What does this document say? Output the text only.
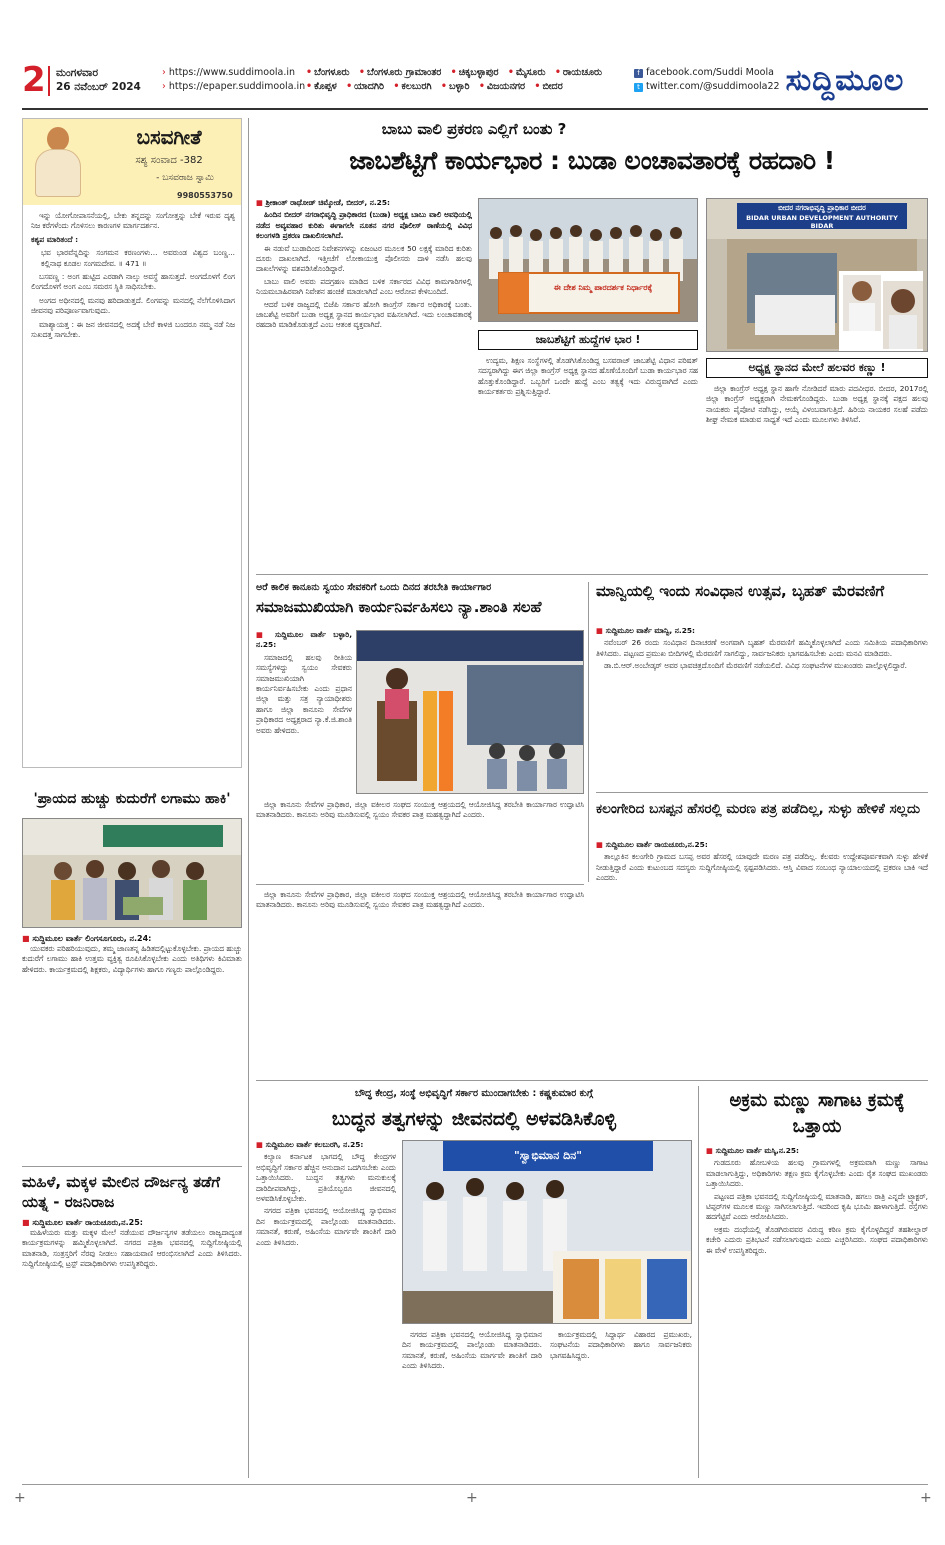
2 ಮಂಗಳವಾರ
26 ನವೆಂಬರ್ 2024
› https://www.suddimoola.in
› https://epaper.suddimoola.in
• ಬೆಂಗಳೂರು • ಬೆಂಗಳೂರು ಗ್ರಾಮಾಂತರ • ಚಿಕ್ಕಬಳ್ಳಾಪುರ • ಮೈಸೂರು • ರಾಯಚೂರು • ಕೊಪ್ಪಳ • ಯಾದಗಿರಿ • ಕಲಬುರಗಿ • ಬಳ್ಳಾರಿ • ವಿಜಯನಗರ • ಬೀದರ
f facebook.com/Suddi Moola
t twitter.com/@suddimoola22 ಸುದ್ದಿಮೂಲ
ಬಸವಗೀತೆ
ಸಶ್ಯ ಸಂವಾದ -382
- ಬಸವರಾಜ ಸ್ವಾಮಿ
9980553750

ಇನ್ನು ಯೋಗೋಪಾಸನೆಯಲ್ಲಿ, ಬೇಕು ತನ್ನದನ್ನು ಸಂಗೋತ್ತನ್ನು ಬೇಕೆ ಇರುವ ದೃಶ್ಯ ನಿಜ ಕರೆಗಳೆಂದು ಗೊಳಿಸಲು ಕಾರಣಗಳ ಮಾರ್ಗದರ್ಶನ.

ಕಶ್ಯಪ ಮಾರಿತಂದೆ :

ಭವ ಭಾರವೆನ್ನದಿನ್ನು ಸಂಗಮನ ಕರಣಂಗಳು... ಅವರುಂಡ ವಿಶ್ವದ ಬಂಣ್ಣ... ಕಲ್ಲಿನಾಥ ಕೂಡಲ ಸಂಗಮದೇವ. ॥ 471 ॥

ಬಸವಣ್ಣ : ಅಂಗ ಹುಟ್ಟಿದ ಎರಡಾಗಿ ನಾಲ್ಕು ಅವಸ್ಥೆ ಹಾಸುತ್ತದೆ. ಅಂಗದೊಳಗೆ ಲಿಂಗ ಲಿಂಗದೊಳಗೆ ಅಂಗ ಎಂಬ ಸಮರಸ ಸ್ಥಿತಿ ಸಾಧಿಸಬೇಕು.

ಅಂಗದ ಅಧೀನದಲ್ಲಿ ಮನವು ಹರಿದಾಡುತ್ತದೆ. ಲಿಂಗವನ್ನು ಮನದಲ್ಲಿ ನೆಲೆಗೊಳಿಸಿದಾಗ ಜೀವನವು ಪರಿಪೂರ್ಣವಾಗುವುದು.

ಮಾಶ್ಯಾಯತ್ತ : ಈ ಜನ ಜೀವನದಲ್ಲಿ ಅದಕ್ಕೆ ಬೇರೆ ಕಾಳಜಿ ಬಂದರೂ ನಮ್ಮ ನಡೆ ನಿಜ ಸುಖದತ್ತ ಸಾಗಬೇಕು.

'ಪ್ರಾಯದ ಹುಚ್ಚು ಕುದುರೆಗೆ ಲಗಾಮು ಹಾಕಿ'
■ ಸುದ್ದಿಮೂಲ ವಾರ್ತೆ ಲಿಂಗಸೂಗೂರು, ನ.24:

ಯುವಕರು ಪರಿಹರಿಯುವುದು, ತಮ್ಮ ಜಾಣತನ್ನ ಹಿಡಿತದಲ್ಲಿಟ್ಟುಕೊಳ್ಳಬೇಕು. ಪ್ರಾಯದ ಹುಚ್ಚು ಕುದುರೆಗೆ ಲಗಾಮು ಹಾಕಿ ಉತ್ತಮ ವ್ಯಕ್ತಿತ್ವ ರೂಪಿಸಿಕೊಳ್ಳಬೇಕು ಎಂದು ಅತಿಥಿಗಳು ಕಿವಿಮಾತು ಹೇಳಿದರು. ಕಾರ್ಯಕ್ರಮದಲ್ಲಿ ಶಿಕ್ಷಕರು, ವಿದ್ಯಾರ್ಥಿಗಳು ಹಾಗೂ ಗಣ್ಯರು ಪಾಲ್ಗೊಂಡಿದ್ದರು.

ಮಹಿಳೆ, ಮಕ್ಕಳ ಮೇಲಿನ ದೌರ್ಜನ್ಯ ತಡೆಗೆ ಯತ್ನ - ರಜನಿರಾಜ
■ ಸುದ್ದಿಮೂಲ ವಾರ್ತೆ ರಾಯಚೂರು,ನ.25:

ಮಹಿಳೆಯರು ಮತ್ತು ಮಕ್ಕಳ ಮೇಲೆ ನಡೆಯುವ ದೌರ್ಜನ್ಯಗಳ ತಡೆಯಲು ರಾಜ್ಯದಾದ್ಯಂತ ಕಾರ್ಯಕ್ರಮಗಳನ್ನು ಹಮ್ಮಿಕೊಳ್ಳಲಾಗಿದೆ. ನಗರದ ಪತ್ರಿಕಾ ಭವನದಲ್ಲಿ ಸುದ್ದಿಗೋಷ್ಠಿಯಲ್ಲಿ ಮಾತನಾಡಿ, ಸಂತ್ರಸ್ತರಿಗೆ ನೆರವು ನೀಡಲು ಸಹಾಯವಾಣಿ ಆರಂಭಿಸಲಾಗಿದೆ ಎಂದು ತಿಳಿಸಿದರು. ಸುದ್ದಿಗೋಷ್ಠಿಯಲ್ಲಿ ಟ್ರಸ್ಟ್ ಪದಾಧಿಕಾರಿಗಳು ಉಪಸ್ಥಿತರಿದ್ದರು.

ಬಾಬು ವಾಲಿ ಪ್ರಕರಣ ಎಲ್ಲಿಗೆ ಬಂತು ?
ಜಾಬಶೆಟ್ಟಿಗೆ ಕಾರ್ಯಭಾರ : ಬುಡಾ ಲಂಚಾವತಾರಕ್ಕೆ ರಹದಾರಿ !

■ ಶ್ರೀಕಾಂತ್ ರಾಥೋಡ್ ಚಿಮ್ಕೋಡೆ, ಬೀದರ್, ನ.25:

ಹಿಂದಿನ ಬೀದರ್ ನಗರಾಭಿವೃದ್ಧಿ ಪ್ರಾಧಿಕಾರದ (ಬುಡಾ) ಅಧ್ಯಕ್ಷ ಬಾಬು ವಾಲಿ ಅವಧಿಯಲ್ಲಿ ನಡೆದ ಅವ್ಯವಹಾರ ಕುರಿತು ಈಗಾಗಲೇ ನೂತನ ನಗರ ಪೊಲೀಸ್ ಠಾಣೆಯಲ್ಲಿ ವಿವಿಧ ಕಲಂಗಳಡಿ ಪ್ರಕರಣ ದಾಖಲಿಸಲಾಗಿದೆ.

ಈ ನಡುವೆ ಬುಡಾದಿಂದ ನಿವೇಶನಗಳನ್ನು ಏಜಂಟರ ಮೂಲಕ 50 ಲಕ್ಷಕ್ಕೆ ಮಾರಿದ ಕುರಿತು ದೂರು ದಾಖಲಾಗಿದೆ. ಇತ್ತೀಚೆಗೆ ಲೋಕಾಯುಕ್ತ ಪೊಲೀಸರು ದಾಳಿ ನಡೆಸಿ ಹಲವು ದಾಖಲೆಗಳನ್ನು ವಶಪಡಿಸಿಕೊಂಡಿದ್ದಾರೆ.

ಬಾಬು ವಾಲಿ ಅವರು ಪದಗ್ರಹಣ ಮಾಡಿದ ಬಳಿಕ ಸರ್ಕಾರದ ವಿವಿಧ ಕಾಮಗಾರಿಗಳಲ್ಲಿ ನಿಯಮಬಾಹಿರವಾಗಿ ನಿವೇಶನ ಹಂಚಿಕೆ ಮಾಡಲಾಗಿದೆ ಎಂಬ ಆರೋಪ ಕೇಳಿಬಂದಿದೆ.

ಆದರೆ ಬಳಿಕ ರಾಜ್ಯದಲ್ಲಿ ಬಿಜೆಪಿ ಸರ್ಕಾರ ಹೋಗಿ ಕಾಂಗ್ರೆಸ್ ಸರ್ಕಾರ ಅಧಿಕಾರಕ್ಕೆ ಬಂತು. ಜಾಬಶೆಟ್ಟಿ ಅವರಿಗೆ ಬುಡಾ ಅಧ್ಯಕ್ಷ ಸ್ಥಾನದ ಕಾರ್ಯಭಾರ ವಹಿಸಲಾಗಿದೆ. ಇದು ಲಂಚಾವತಾರಕ್ಕೆ ರಹದಾರಿ ಮಾಡಿಕೊಡುತ್ತದೆ ಎಂಬ ಆತಂಕ ವ್ಯಕ್ತವಾಗಿದೆ.

ಈ ದೇಶ ನಿಮ್ಮ ಪಾರದರ್ಶಕ ನಿರ್ಧಾರಕ್ಕೆ
ಬೀದರ ನಗರಾಭಿವೃದ್ಧಿ ಪ್ರಾಧಿಕಾರ ಬೀದರ
BIDAR URBAN DEVELOPMENT AUTHORITY BIDAR
ಜಾಬಶೆಟ್ಟಿಗೆ ಹುದ್ದೆಗಳ ಭಾರ !

ಉದ್ಯಮ, ಶಿಕ್ಷಣ ಸಂಸ್ಥೆಗಳಲ್ಲಿ ತೊಡಗಿಸಿಕೊಂಡಿದ್ದ ಬಸವರಾಜ್ ಜಾಬಶೆಟ್ಟಿ ವಿಧಾನ ಪರಿಷತ್ ಸದಸ್ಯರಾಗಿದ್ದು ಈಗ ಜಿಲ್ಲಾ ಕಾಂಗ್ರೆಸ್ ಅಧ್ಯಕ್ಷ ಸ್ಥಾನದ ಹೊಣೆಯೊಂದಿಗೆ ಬುಡಾ ಕಾರ್ಯಭಾರ ಸಹ ಹೊತ್ತುಕೊಂಡಿದ್ದಾರೆ. ಒಬ್ಬರಿಗೆ ಒಂದೇ ಹುದ್ದೆ ಎಂಬ ತತ್ವಕ್ಕೆ ಇದು ವಿರುದ್ಧವಾಗಿದೆ ಎಂದು ಕಾರ್ಯಕರ್ತರು ಪ್ರಶ್ನಿಸುತ್ತಿದ್ದಾರೆ.

ಅಧ್ಯಕ್ಷ ಸ್ಥಾನದ ಮೇಲೆ ಹಲವರ ಕಣ್ಣು !

ಜಿಲ್ಲಾ ಕಾಂಗ್ರೆಸ್ ಅಧ್ಯಕ್ಷ ಸ್ಥಾನ ಹಾಗೇ ನೋಡಿದರೆ ಮಾರು ಪದವೀಧರ. ಬೀದರ, 2017ರಲ್ಲಿ ಜಿಲ್ಲಾ ಕಾಂಗ್ರೆಸ್ ಅಧ್ಯಕ್ಷರಾಗಿ ನೇಮಕಗೊಂಡಿದ್ದರು. ಬುಡಾ ಅಧ್ಯಕ್ಷ ಸ್ಥಾನಕ್ಕೆ ಪಕ್ಷದ ಹಲವು ನಾಯಕರು ಪೈಪೋಟಿ ನಡೆಸಿದ್ದು, ಆಯ್ಕೆ ವಿಳಂಬವಾಗುತ್ತಿದೆ. ಹಿರಿಯ ನಾಯಕರ ಸಲಹೆ ಪಡೆದು ಶೀಘ್ರ ನೇಮಕ ಮಾಡುವ ಸಾಧ್ಯತೆ ಇದೆ ಎಂದು ಮೂಲಗಳು ತಿಳಿಸಿವೆ.

ಅರೆ ಕಾಲಿಕ ಕಾನೂನು ಸ್ವಯಂ ಸೇವಕರಿಗೆ ಒಂದು ದಿನದ ತರಬೇತಿ ಕಾರ್ಯಾಗಾರ
ಸಮಾಜಮುಖಿಯಾಗಿ ಕಾರ್ಯನಿರ್ವಹಿಸಲು ನ್ಯಾ.ಶಾಂತಿ ಸಲಹೆ

■ ಸುದ್ದಿಮೂಲ ವಾರ್ತೆ ಬಳ್ಳಾರಿ, ನ.25:

ಸಮಾಜದಲ್ಲಿ ಹಲವು ರೀತಿಯ ಸಮಸ್ಯೆಗಳಿದ್ದು ಸ್ವಯಂ ಸೇವಕರು ಸಮಾಜಮುಖಿಯಾಗಿ ಕಾರ್ಯನಿರ್ವಹಿಸಬೇಕು ಎಂದು ಪ್ರಧಾನ ಜಿಲ್ಲಾ ಮತ್ತು ಸತ್ರ ನ್ಯಾಯಾಧೀಶರು ಹಾಗೂ ಜಿಲ್ಲಾ ಕಾನೂನು ಸೇವೆಗಳ ಪ್ರಾಧಿಕಾರದ ಅಧ್ಯಕ್ಷರಾದ ನ್ಯಾ.ಕೆ.ಜಿ.ಶಾಂತಿ ಅವರು ಹೇಳಿದರು.

ಜಿಲ್ಲಾ ಕಾನೂನು ಸೇವೆಗಳ ಪ್ರಾಧಿಕಾರ, ಜಿಲ್ಲಾ ವಕೀಲರ ಸಂಘದ ಸಂಯುಕ್ತ ಆಶ್ರಯದಲ್ಲಿ ಆಯೋಜಿಸಿದ್ದ ತರಬೇತಿ ಕಾರ್ಯಾಗಾರ ಉದ್ಘಾಟಿಸಿ ಮಾತನಾಡಿದರು. ಕಾನೂನು ಅರಿವು ಮೂಡಿಸುವಲ್ಲಿ ಸ್ವಯಂ ಸೇವಕರ ಪಾತ್ರ ಮಹತ್ವದ್ದಾಗಿದೆ ಎಂದರು.

ಮಾನ್ವಿಯಲ್ಲಿ ಇಂದು ಸಂವಿಧಾನ ಉತ್ಸವ, ಬೃಹತ್ ಮೆರವಣಿಗೆ

■ ಸುದ್ದಿಮೂಲ ವಾರ್ತೆ ಮಾನ್ವಿ, ನ.25:

ನವೆಂಬರ್ 26 ರಂದು ಸಂವಿಧಾನ ದಿನಾಚರಣೆ ಅಂಗವಾಗಿ ಬೃಹತ್ ಮೆರವಣಿಗೆ ಹಮ್ಮಿಕೊಳ್ಳಲಾಗಿದೆ ಎಂದು ಸಮಿತಿಯ ಪದಾಧಿಕಾರಿಗಳು ತಿಳಿಸಿದರು. ಪಟ್ಟಣದ ಪ್ರಮುಖ ಬೀದಿಗಳಲ್ಲಿ ಮೆರವಣಿಗೆ ಸಾಗಲಿದ್ದು, ಸಾರ್ವಜನಿಕರು ಭಾಗವಹಿಸಬೇಕು ಎಂದು ಮನವಿ ಮಾಡಿದರು.

ಡಾ.ಬಿ.ಆರ್.ಅಂಬೇಡ್ಕರ್ ಅವರ ಭಾವಚಿತ್ರದೊಂದಿಗೆ ಮೆರವಣಿಗೆ ನಡೆಯಲಿದೆ. ವಿವಿಧ ಸಂಘಟನೆಗಳ ಮುಖಂಡರು ಪಾಲ್ಗೊಳ್ಳಲಿದ್ದಾರೆ.

ಕಲಂಗೇರಿದ ಬಸಪ್ಪನ ಹೆಸರಲ್ಲಿ ಮರಣ ಪತ್ರ ಪಡೆದಿಲ್ಲ, ಸುಳ್ಳು ಹೇಳಿಕೆ ಸಲ್ಲದು

■ ಸುದ್ದಿಮೂಲ ವಾರ್ತೆ ರಾಯಚೂರು,ನ.25:

ತಾಲ್ಲೂಕಿನ ಕಲಂಗೇರಿ ಗ್ರಾಮದ ಬಸಪ್ಪ ಅವರ ಹೆಸರಲ್ಲಿ ಯಾವುದೇ ಮರಣ ಪತ್ರ ಪಡೆದಿಲ್ಲ. ಕೆಲವರು ಉದ್ದೇಶಪೂರ್ವಕವಾಗಿ ಸುಳ್ಳು ಹೇಳಿಕೆ ನೀಡುತ್ತಿದ್ದಾರೆ ಎಂದು ಕುಟುಂಬದ ಸದಸ್ಯರು ಸುದ್ದಿಗೋಷ್ಠಿಯಲ್ಲಿ ಸ್ಪಷ್ಟಪಡಿಸಿದರು. ಆಸ್ತಿ ವಿವಾದ ಸಂಬಂಧ ನ್ಯಾಯಾಲಯದಲ್ಲಿ ಪ್ರಕರಣ ಬಾಕಿ ಇದೆ ಎಂದರು.

ಜಿಲ್ಲಾ ಕಾನೂನು ಸೇವೆಗಳ ಪ್ರಾಧಿಕಾರ, ಜಿಲ್ಲಾ ವಕೀಲರ ಸಂಘದ ಸಂಯುಕ್ತ ಆಶ್ರಯದಲ್ಲಿ ಆಯೋಜಿಸಿದ್ದ ತರಬೇತಿ ಕಾರ್ಯಾಗಾರ ಉದ್ಘಾಟಿಸಿ ಮಾತನಾಡಿದರು. ಕಾನೂನು ಅರಿವು ಮೂಡಿಸುವಲ್ಲಿ ಸ್ವಯಂ ಸೇವಕರ ಪಾತ್ರ ಮಹತ್ವದ್ದಾಗಿದೆ ಎಂದರು.

ಬೌದ್ಧ ಕೇಂದ್ರ, ಸಂಸ್ಥೆ ಅಭಿವೃದ್ಧಿಗೆ ಸರ್ಕಾರ ಮುಂದಾಗಬೇಕು : ಕಷ್ಣಕುಮಾರ ಕುಗ್ಗೆ
ಬುದ್ಧನ ತತ್ವಗಳನ್ನು ಜೀವನದಲ್ಲಿ ಅಳವಡಿಸಿಕೊಳ್ಳಿ

■ ಸುದ್ದಿಮೂಲ ವಾರ್ತೆ ಕಲಬುರಗಿ, ನ.25:

ಕಲ್ಯಾಣ ಕರ್ನಾಟಕ ಭಾಗದಲ್ಲಿ ಬೌದ್ಧ ಕೇಂದ್ರಗಳ ಅಭಿವೃದ್ಧಿಗೆ ಸರ್ಕಾರ ಹೆಚ್ಚಿನ ಅನುದಾನ ಒದಗಿಸಬೇಕು ಎಂದು ಒತ್ತಾಯಿಸಿದರು. ಬುದ್ಧನ ತತ್ವಗಳು ಮನುಕುಲಕ್ಕೆ ದಾರಿದೀಪವಾಗಿದ್ದು, ಪ್ರತಿಯೊಬ್ಬರೂ ಜೀವನದಲ್ಲಿ ಅಳವಡಿಸಿಕೊಳ್ಳಬೇಕು.

ನಗರದ ಪತ್ರಿಕಾ ಭವನದಲ್ಲಿ ಆಯೋಜಿಸಿದ್ದ ಸ್ವಾಭಿಮಾನ ದಿನ ಕಾರ್ಯಕ್ರಮದಲ್ಲಿ ಪಾಲ್ಗೊಂಡು ಮಾತನಾಡಿದರು. ಸಮಾನತೆ, ಕರುಣೆ, ಅಹಿಂಸೆಯ ಮಾರ್ಗವೇ ಶಾಂತಿಗೆ ದಾರಿ ಎಂದು ತಿಳಿಸಿದರು.

"ಸ್ವಾಭಿಮಾನ ದಿನ"

ನಗರದ ಪತ್ರಿಕಾ ಭವನದಲ್ಲಿ ಆಯೋಜಿಸಿದ್ದ ಸ್ವಾಭಿಮಾನ ದಿನ ಕಾರ್ಯಕ್ರಮದಲ್ಲಿ ಪಾಲ್ಗೊಂಡು ಮಾತನಾಡಿದರು. ಸಮಾನತೆ, ಕರುಣೆ, ಅಹಿಂಸೆಯ ಮಾರ್ಗವೇ ಶಾಂತಿಗೆ ದಾರಿ ಎಂದು ತಿಳಿಸಿದರು.

ಕಾರ್ಯಕ್ರಮದಲ್ಲಿ ಸಿದ್ಧಾರ್ಥ ವಿಹಾರದ ಪ್ರಮುಖರು, ಸಂಘಟನೆಯ ಪದಾಧಿಕಾರಿಗಳು ಹಾಗೂ ಸಾರ್ವಜನಿಕರು ಭಾಗವಹಿಸಿದ್ದರು.

ಅಕ್ರಮ ಮಣ್ಣು ಸಾಗಾಟ ಕ್ರಮಕ್ಕೆ ಒತ್ತಾಯ

■ ಸುದ್ದಿಮೂಲ ವಾರ್ತೆ ಮಸ್ಕಿ,ನ.25:

ಗುಡದೂರು ಹೋಬಳಿಯ ಹಲವು ಗ್ರಾಮಗಳಲ್ಲಿ ಅಕ್ರಮವಾಗಿ ಮಣ್ಣು ಸಾಗಾಟ ಮಾಡಲಾಗುತ್ತಿದ್ದು, ಅಧಿಕಾರಿಗಳು ತಕ್ಷಣ ಕ್ರಮ ಕೈಗೊಳ್ಳಬೇಕು ಎಂದು ರೈತ ಸಂಘದ ಮುಖಂಡರು ಒತ್ತಾಯಿಸಿದರು.

ಪಟ್ಟಣದ ಪತ್ರಿಕಾ ಭವನದಲ್ಲಿ ಸುದ್ದಿಗೋಷ್ಠಿಯಲ್ಲಿ ಮಾತನಾಡಿ, ಹಗಲು ರಾತ್ರಿ ಎನ್ನದೇ ಟ್ರ್ಯಾಕ್ಟರ್, ಟಿಪ್ಪರ್‌ಗಳ ಮೂಲಕ ಮಣ್ಣು ಸಾಗಿಸಲಾಗುತ್ತಿದೆ. ಇದರಿಂದ ಕೃಷಿ ಭೂಮಿ ಹಾಳಾಗುತ್ತಿದೆ. ರಸ್ತೆಗಳು ಹದಗೆಟ್ಟಿವೆ ಎಂದು ಆರೋಪಿಸಿದರು.

ಅಕ್ರಮ ದಂಧೆಯಲ್ಲಿ ತೊಡಗಿರುವವರ ವಿರುದ್ಧ ಕಠಿಣ ಕ್ರಮ ಕೈಗೊಳ್ಳದಿದ್ದರೆ ತಹಶೀಲ್ದಾರ್ ಕಚೇರಿ ಎದುರು ಪ್ರತಿಭಟನೆ ನಡೆಸಲಾಗುವುದು ಎಂದು ಎಚ್ಚರಿಸಿದರು. ಸಂಘದ ಪದಾಧಿಕಾರಿಗಳು ಈ ವೇಳೆ ಉಪಸ್ಥಿತರಿದ್ದರು.

+	+	+
